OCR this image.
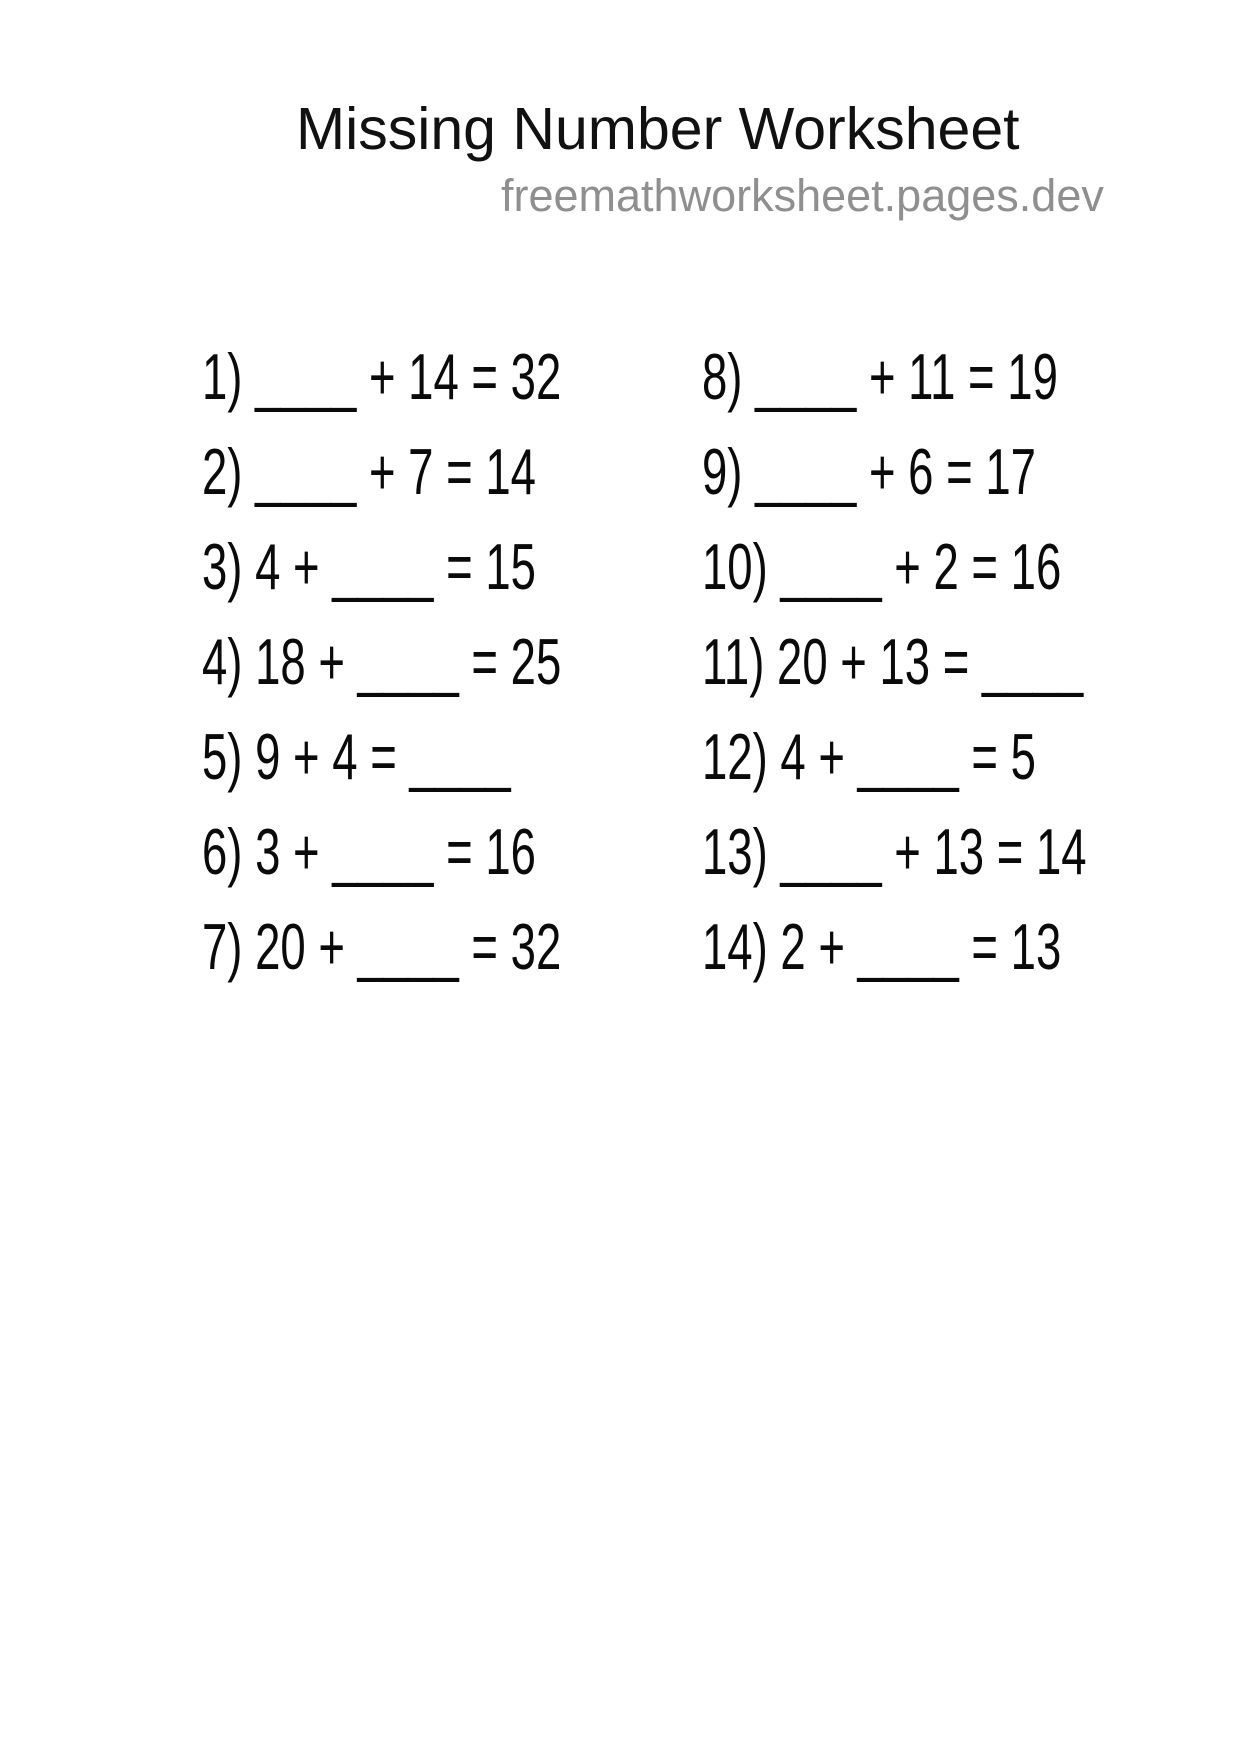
Missing Number Worksheet
freemathworksheet.pages.dev
1) ____ + 14 = 32
2) ____ + 7 = 14
3) 4 + ____ = 15
4) 18 + ____ = 25
5) 9 + 4 = ____
6) 3 + ____ = 16
7) 20 + ____ = 32
8) ____ + 11 = 19
9) ____ + 6 = 17
10) ____ + 2 = 16
11) 20 + 13 = ____
12) 4 + ____ = 5
13) ____ + 13 = 14
14) 2 + ____ = 13
